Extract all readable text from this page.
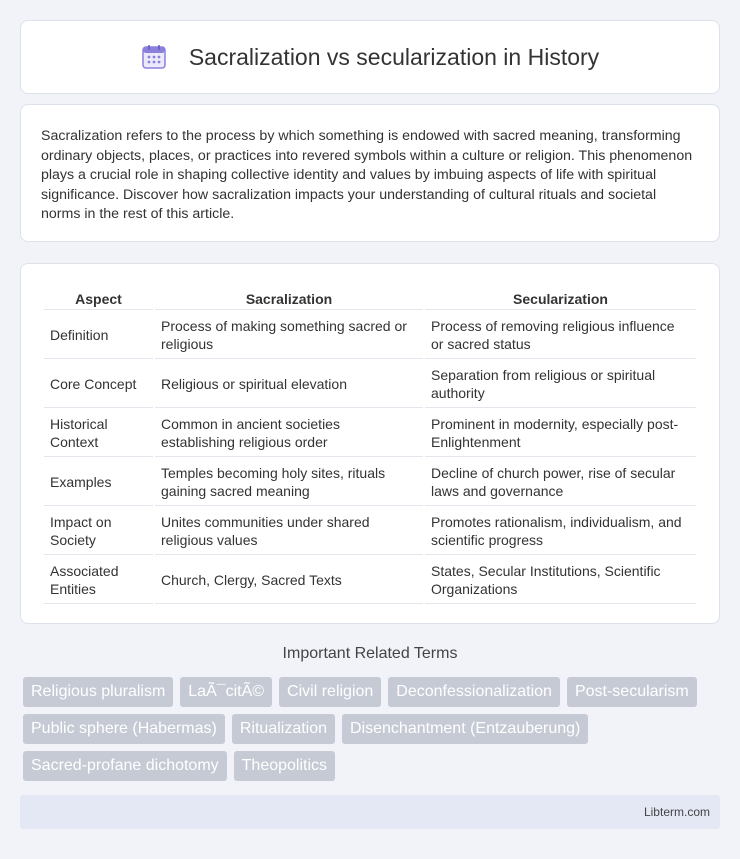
Sacralization vs secularization in History

Sacralization refers to the process by which something is endowed with sacred meaning, transforming ordinary objects, places, or practices into revered symbols within a culture or religion. This phenomenon plays a crucial role in shaping collective identity and values by imbuing aspects of life with spiritual significance. Discover how sacralization impacts your understanding of cultural rituals and societal norms in the rest of this article.

Aspect	Sacralization	Secularization
Definition	Process of making something sacred or religious	Process of removing religious influence or sacred status
Core Concept	Religious or spiritual elevation	Separation from religious or spiritual authority
Historical Context	Common in ancient societies establishing religious order	Prominent in modernity, especially post-Enlightenment
Examples	Temples becoming holy sites, rituals gaining sacred meaning	Decline of church power, rise of secular laws and governance
Impact on Society	Unites communities under shared religious values	Promotes rationalism, individualism, and scientific progress
Associated Entities	Church, Clergy, Sacred Texts	States, Secular Institutions, Scientific Organizations
Important Related Terms
Religious pluralism	LaÃ¯citÃ©	Civil religion	Deconfessionalization	Post-secularism
Public sphere (Habermas)	Ritualization	Disenchantment (Entzauberung)
Sacred-profane dichotomy	Theopolitics
Libterm.com
